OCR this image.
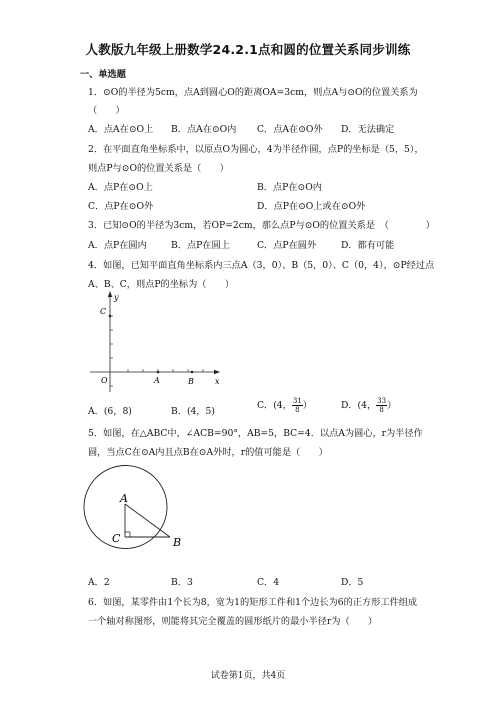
人教版九年级上册数学24.2.1点和圆的位置关系同步训练
一、单选题
1．⊙O的半径为5cm，点A到圆心O的距离OA=3cm，则点A与⊙O的位置关系为
（　　）
A．点A在⊙O上 B．点A在⊙O内 C．点A在⊙O外 D．无法确定
2．在平面直角坐标系中，以原点O为圆心，4为半径作圆，点P的坐标是（5，5），
则点P与⊙O的位置关系是（　　）
A．点P在⊙O上	B．点P在⊙O内
C．点P在⊙O外	D．点P在⊙O上或在⊙O外
3．已知⊙O的半径为3cm，若OP=2cm，那么点P与⊙O的位置关系是　（　　　　）
A．点P在圆内	B．点P在圆上	C．点P在圆外	D．都有可能
4．如图，已知平面直角坐标系内三点A（3，0）、B（5，0）、C（0，4），⊙P经过点
A、B、C，则点P的坐标为（　　）
y
x
C
O	A	B
A．(6，8)	B．(4，5)
C．(4， $\frac{31}{8}$ ）	D．(4， $\frac{33}{8}$ ）
5．如图，在△ABC中，∠ACB=90°，AB=5，BC=4．以点A为圆心，r为半径作
圆，当点C在⊙A内且点B在⊙A外时，r的值可能是（　　）
A
C	B
A．2	B．3	C．4	D．5
6．如图，某零件由1个长为8，宽为1的矩形工件和1个边长为6的正方形工件组成
一个轴对称图形，则能将其完全覆盖的圆形纸片的最小半径r为（　　）
试卷第1页，共4页
